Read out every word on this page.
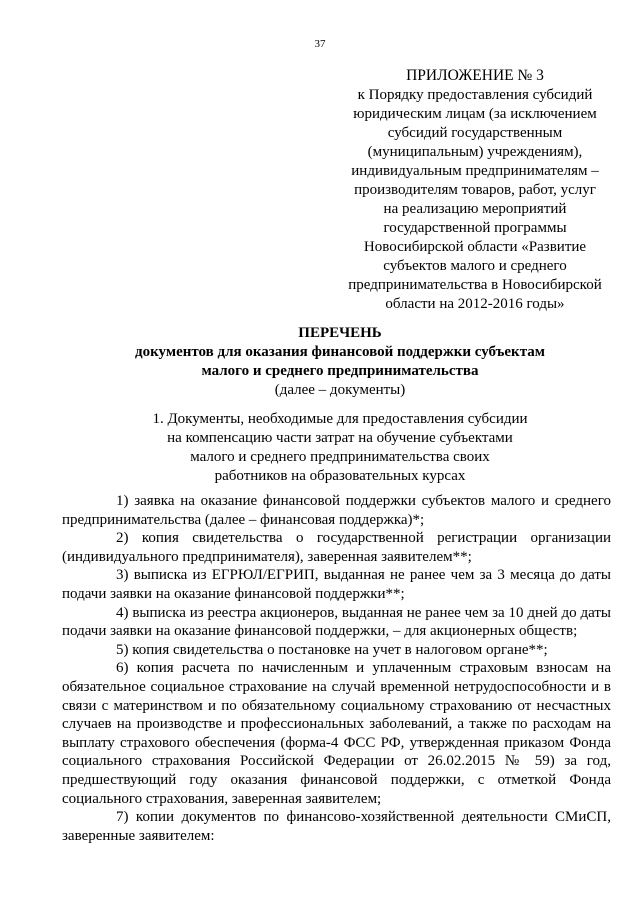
37
ПРИЛОЖЕНИЕ № 3
к Порядку предоставления субсидий
юридическим лицам (за исключением
субсидий государственным
(муниципальным) учреждениям),
индивидуальным предпринимателям –
производителям товаров, работ, услуг
на реализацию мероприятий
государственной программы
Новосибирской области «Развитие
субъектов малого и среднего
предпринимательства в Новосибирской
области на 2012-2016 годы»
ПЕРЕЧЕНЬ
документов для оказания финансовой поддержки субъектам
малого и среднего предпринимательства
(далее – документы)
1. Документы, необходимые для предоставления субсидии
на компенсацию части затрат на обучение субъектами
малого и среднего предпринимательства своих
работников на образовательных курсах

1) заявка на оказание финансовой поддержки субъектов малого и среднего предпринимательства (далее – финансовая поддержка)*;

2) копия свидетельства о государственной регистрации организации (индивидуального предпринимателя), заверенная заявителем**;

3) выписка из ЕГРЮЛ/ЕГРИП, выданная не ранее чем за 3 месяца до даты подачи заявки на оказание финансовой поддержки**;

4) выписка из реестра акционеров, выданная не ранее чем за 10 дней до даты подачи заявки на оказание финансовой поддержки, – для акционерных обществ;

5) копия свидетельства о постановке на учет в налоговом органе**;

6) копия расчета по начисленным и уплаченным страховым взносам на обязательное социальное страхование на случай временной нетрудоспособности и в связи с материнством и по обязательному социальному страхованию от несчастных случаев на производстве и профессиональных заболеваний, а также по расходам на выплату страхового обеспечения (форма-4 ФСС РФ, утвержденная приказом Фонда социального страхования Российской Федерации от 26.02.2015 № 59) за год, предшествующий году оказания финансовой поддержки, с отметкой Фонда социального страхования, заверенная заявителем;

7) копии документов по финансово-хозяйственной деятельности СМиСП, заверенные заявителем:
